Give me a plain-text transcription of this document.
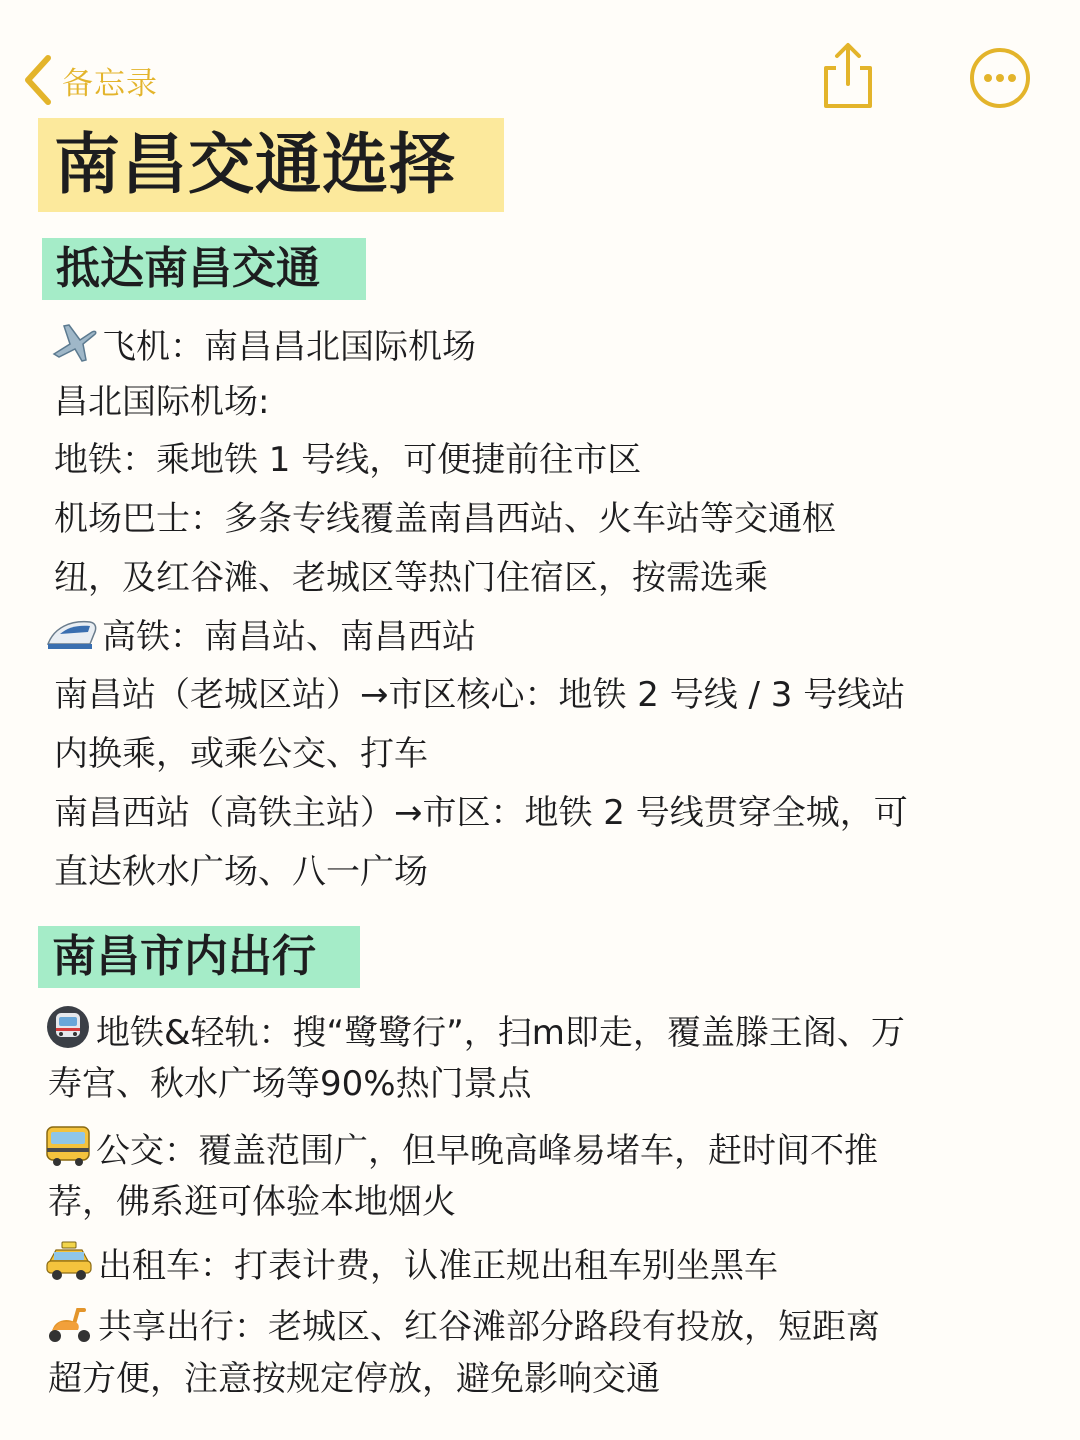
备忘录
南昌交通选择
抵达南昌交通
飞机：南昌昌北国际机场
昌北国际机场:
地铁：乘地铁 1 号线，可便捷前往市区
机场巴士：多条专线覆盖南昌西站、火车站等交通枢
纽，及红谷滩、老城区等热门住宿区，按需选乘
高铁：南昌站、南昌西站
南昌站（老城区站）→市区核心：地铁 2 号线 / 3 号线站
内换乘，或乘公交、打车
南昌西站（高铁主站）→市区：地铁 2 号线贯穿全城，可
直达秋水广场、八一广场
南昌市内出行
地铁&轻轨：搜“鹭鹭行”，扫m即走，覆盖滕王阁、万
寿宫、秋水广场等90%热门景点
公交：覆盖范围广，但早晚高峰易堵车，赶时间不推
荐，佛系逛可体验本地烟火
出租车：打表计费，认准正规出租车别坐黑车
共享出行：老城区、红谷滩部分路段有投放，短距离
超方便，注意按规定停放，避免影响交通
